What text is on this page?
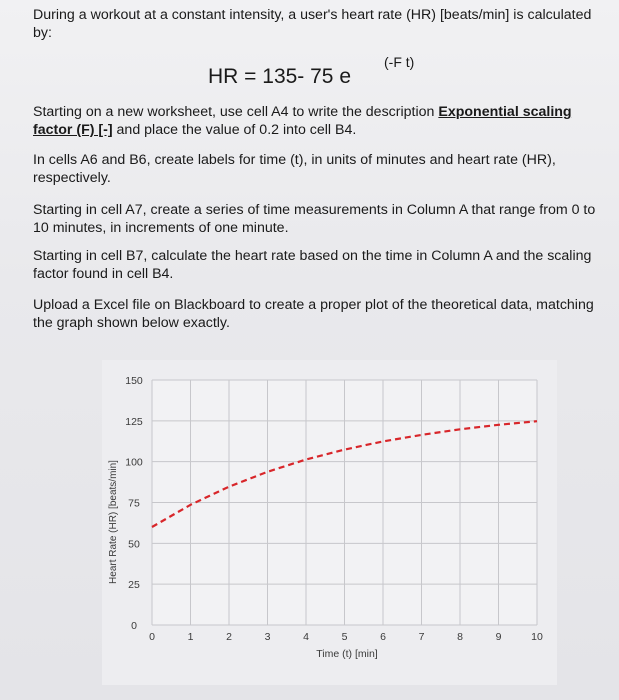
During a workout at a constant intensity, a user's heart rate (HR) [beats/min] is calculated by:

HR = 135- 75 e
(-F t)

Starting on a new worksheet, use cell A4 to write the description Exponential scaling factor (F) [-] and place the value of 0.2 into cell B4.

In cells A6 and B6, create labels for time (t), in units of minutes and heart rate (HR), respectively.

Starting in cell A7, create a series of time measurements in Column A that range from 0 to 10 minutes, in increments of one minute.

Starting in cell B7, calculate the heart rate based on the time in Column A and the scaling factor found in cell B4.

Upload a Excel file on Blackboard to create a proper plot of the theoretical data, matching the graph shown below exactly.

0
25
50
75
100
125
150
0	1	2	3	4	5	6	7	8	9	10
Heart Rate (HR) [beats/min]
Time (t) [min]
